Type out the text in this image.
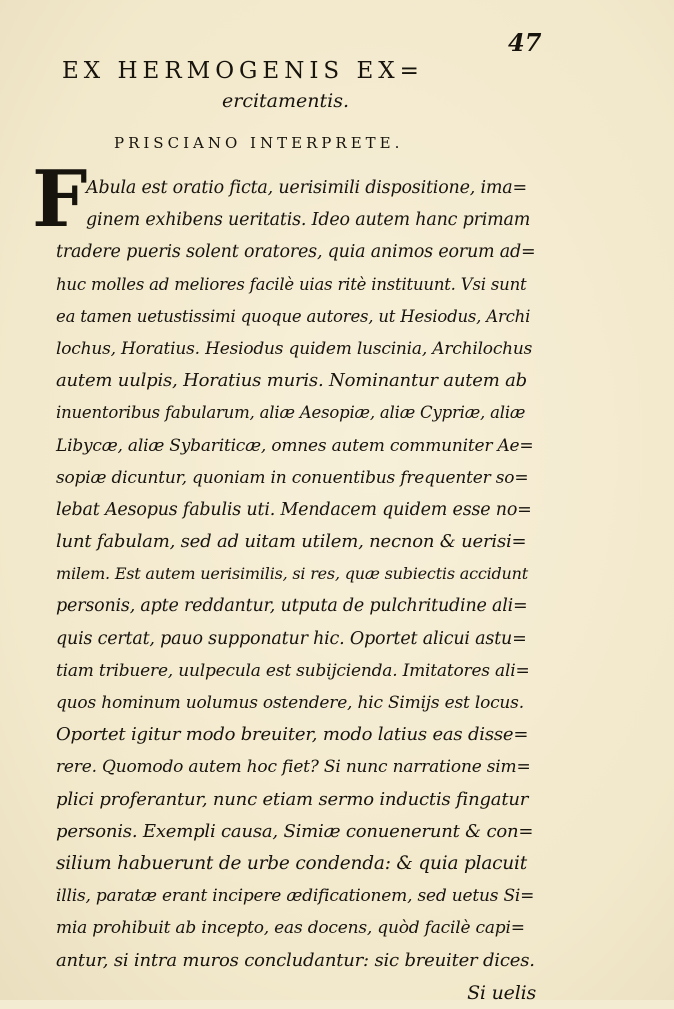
47
EX HERMOGENIS EX=
ercitamentis.
PRISCIANO INTERPRETE.
F
Abula est oratio ficta, uerisimili dispositione, ima=
ginem exhibens ueritatis. Ideo autem hanc primam
tradere pueris solent oratores, quia animos eorum ad=
huc molles ad meliores facilè uias ritè instituunt. Vsi sunt
ea tamen uetustissimi quoque autores, ut Hesiodus, Archi
lochus, Horatius. Hesiodus quidem luscinia, Archilochus
autem uulpis, Horatius muris. Nominantur autem ab
inuentoribus fabularum, aliæ Aesopiæ, aliæ Cypriæ, aliæ
Libycæ, aliæ Sybariticæ, omnes autem communiter Ae=
sopiæ dicuntur, quoniam in conuentibus frequenter so=
lebat Aesopus fabulis uti. Mendacem quidem esse no=
lunt fabulam, sed ad uitam utilem, necnon & uerisi=
milem. Est autem uerisimilis, si res, quæ subiectis accidunt
personis, apte reddantur, utputa de pulchritudine ali=
quis certat, pauo supponatur hic. Oportet alicui astu=
tiam tribuere, uulpecula est subijcienda. Imitatores ali=
quos hominum uolumus ostendere, hic Simijs est locus.
Oportet igitur modo breuiter, modo latius eas disse=
rere. Quomodo autem hoc fiet? Si nunc narratione sim=
plici proferantur, nunc etiam sermo inductis fingatur
personis. Exempli causa, Simiæ conuenerunt & con=
silium habuerunt de urbe condenda: & quia placuit
illis, paratæ erant incipere ædificationem, sed uetus Si=
mia prohibuit ab incepto, eas docens, quòd facilè capi=
antur, si intra muros concludantur: sic breuiter dices.
Si uelis
